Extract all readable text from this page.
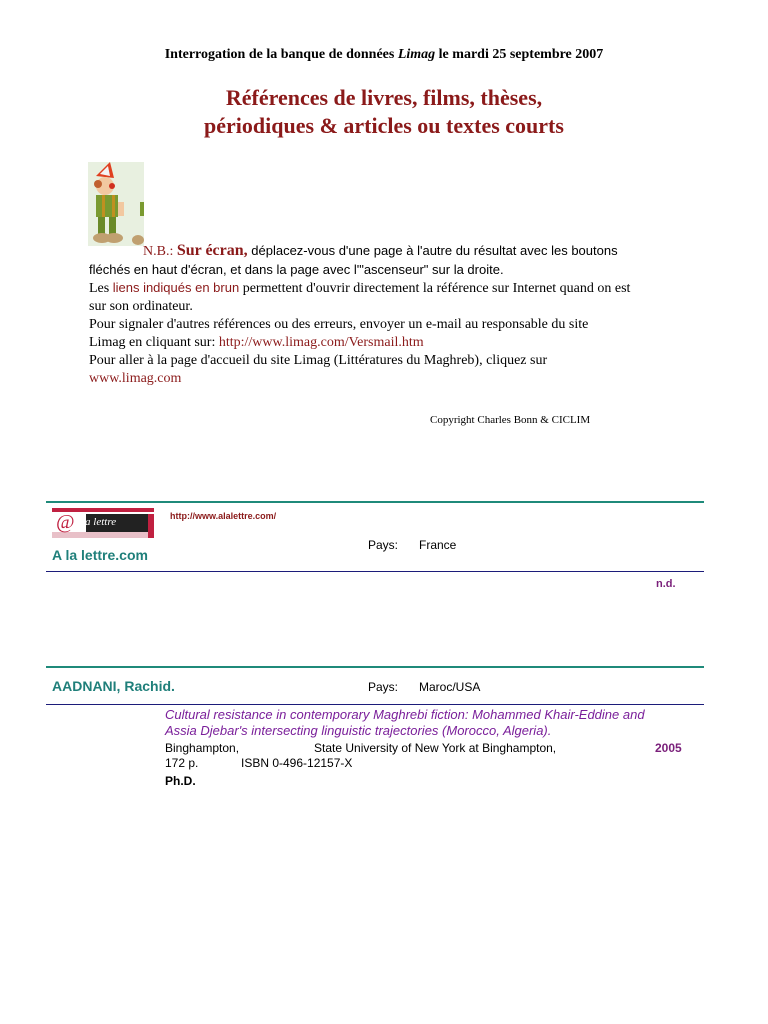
Interrogation de la banque de données Limag le mardi 25 septembre 2007
Références de livres, films, thèses,
périodiques & articles ou textes courts
N.B.: Sur écran, déplacez-vous d'une page à l'autre du résultat avec les boutons
fléchés en haut d'écran, et dans la page avec l'"ascenseur" sur la droite.
Les liens indiqués en brun permettent d'ouvrir directement la référence sur Internet quand on est
sur son ordinateur.
Pour signaler d'autres références ou des erreurs, envoyer un e-mail au responsable du site
Limag en cliquant sur: http://www.limag.com/Versmail.htm
Pour aller à la page d'accueil du site Limag (Littératures du Maghreb), cliquez sur
www.limag.com
Copyright Charles Bonn & CICLIM
@ la lettre	http://www.alalettre.com/
A la lettre.com
Pays: France
n.d.
AADNANI, Rachid.	Pays: Maroc/USA
Cultural resistance in contemporary Maghrebi fiction: Mohammed Khair-Eddine and
Assia Djebar's intersecting linguistic trajectories (Morocco, Algeria).
Binghampton,	State University of New York at Binghampton,	2005
172 p.	ISBN 0-496-12157-X
Ph.D.
